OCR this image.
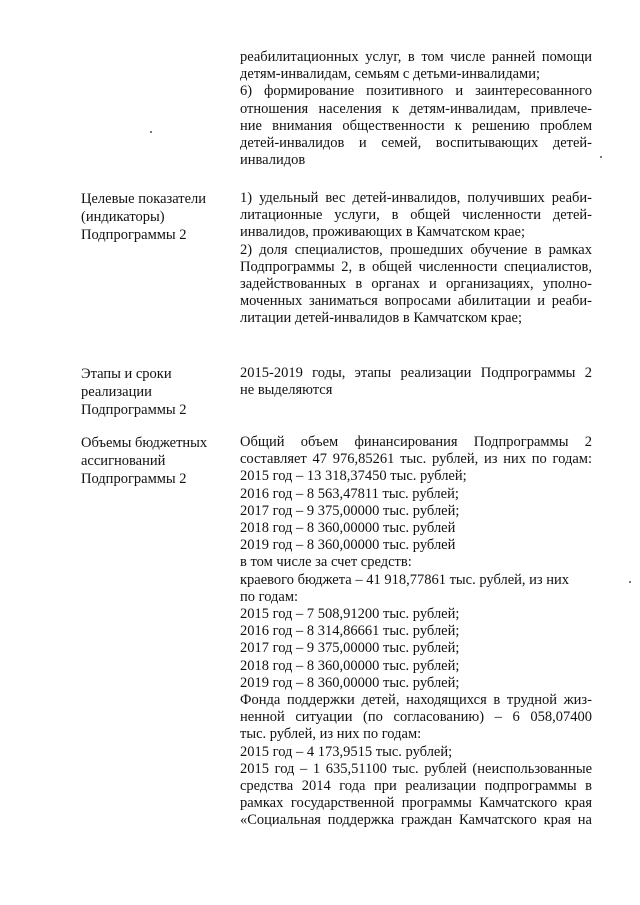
реабилитационных услуг, в том числе ранней помощи
детям-инвалидам, семьям с детьми-инвалидами;
6) формирование позитивного и заинтересованного
отношения населения к детям-инвалидам, привлече-
ние внимания общественности к решению проблем
детей-инвалидов и семей, воспитывающих детей-
инвалидов
Целевые показатели
(индикаторы)
Подпрограммы 2
1) удельный вес детей-инвалидов, получивших реаби-
литационные услуги, в общей численности детей-
инвалидов, проживающих в Камчатском крае;
2) доля специалистов, прошедших обучение в рамках
Подпрограммы 2, в общей численности специалистов,
задействованных в органах и организациях, уполно-
моченных заниматься вопросами абилитации и реаби-
литации детей-инвалидов в Камчатском крае;
Этапы и сроки
реализации
Подпрограммы 2
2015-2019 годы, этапы реализации Подпрограммы 2
не выделяются
Объемы бюджетных
ассигнований
Подпрограммы 2
Общий объем финансирования Подпрограммы 2
составляет 47 976,85261 тыс. рублей, из них по годам:
2015 год – 13 318,37450 тыс. рублей;
2016 год – 8 563,47811 тыс. рублей;
2017 год – 9 375,00000 тыс. рублей;
2018 год – 8 360,00000 тыс. рублей
2019 год – 8 360,00000 тыс. рублей
в том числе за счет средств:
краевого бюджета – 41 918,77861 тыс. рублей, из них
по годам:
2015 год – 7 508,91200 тыс. рублей;
2016 год – 8 314,86661 тыс. рублей;
2017 год – 9 375,00000 тыс. рублей;
2018 год – 8 360,00000 тыс. рублей;
2019 год – 8 360,00000 тыс. рублей;
Фонда поддержки детей, находящихся в трудной жиз-
ненной ситуации (по согласованию) – 6 058,07400
тыс. рублей, из них по годам:
2015 год – 4 173,9515 тыс. рублей;
2015 год – 1 635,51100 тыс. рублей (неиспользованные
средства 2014 года при реализации подпрограммы в
рамках государственной программы Камчатского края
«Социальная поддержка граждан Камчатского края на
